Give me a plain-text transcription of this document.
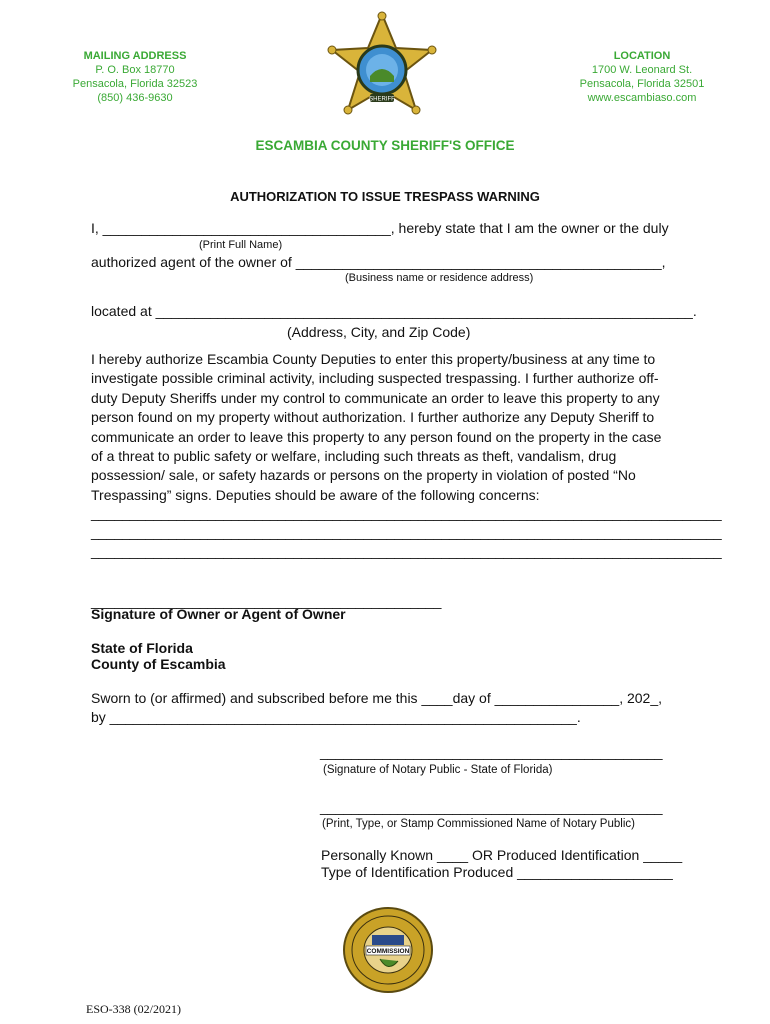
MAILING ADDRESS
P. O. Box 18770
Pensacola, Florida 32523
(850) 436-9630
LOCATION
1700 W. Leonard St.
Pensacola, Florida 32501
www.escambiaso.com
SHERIFF
ESCAMBIA COUNTY SHERIFF'S OFFICE
AUTHORIZATION TO ISSUE TRESPASS WARNING
I, _____________________________________, hereby state that I am the owner or the duly
(Print Full Name)
authorized agent of the owner of _______________________________________________,
(Business name or residence address)
located at _____________________________________________________________________.
(Address, City, and Zip Code)
I hereby authorize Escambia County Deputies to enter this property/business at any time to investigate possible criminal activity, including suspected trespassing. I further authorize off-duty Deputy Sheriffs under my control to communicate an order to leave this property to any person found on my property without authorization. I further authorize any Deputy Sheriff to communicate an order to leave this property to any person found on the property in the case of a threat to public safety or welfare, including such threats as theft, vandalism, drug possession/ sale, or safety hazards or persons on the property in violation of posted “No Trespassing” signs. Deputies should be aware of the following concerns:
_________________________________________________________________________________
_________________________________________________________________________________
_________________________________________________________________________________
_____________________________________________
Signature of Owner or Agent of Owner
State of Florida
County of Escambia
Sworn to (or affirmed) and subscribed before me this ____day of ________________, 202_,
by ____________________________________________________________.
____________________________________________
(Signature of Notary Public - State of Florida)
____________________________________________
(Print, Type, or Stamp Commissioned Name of Notary Public)
Personally Known ____ OR Produced Identification _____
Type of Identification Produced ____________________
COMMISSION
ESO-338 (02/2021)
